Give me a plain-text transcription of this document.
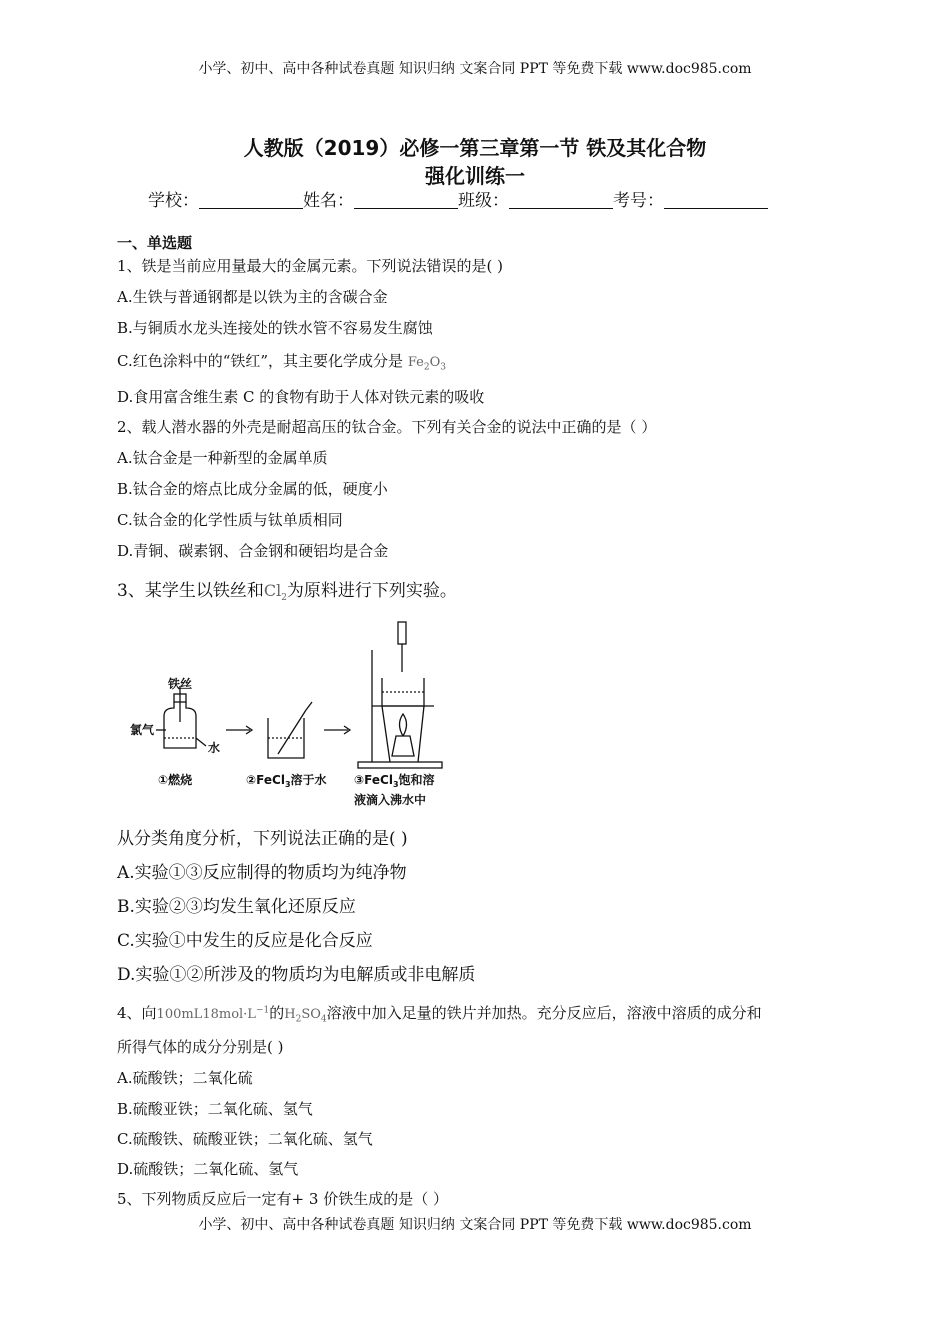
小学、初中、高中各种试卷真题 知识归纳 文案合同 PPT 等免费下载 www.doc985.com
人教版（2019）必修一第三章第一节 铁及其化合物
强化训练一
学校：	姓名：	班级：	考号：
一、单选题
1、铁是当前应用量最大的金属元素。下列说法错误的是( )
A.生铁与普通钢都是以铁为主的含碳合金
B.与铜质水龙头连接处的铁水管不容易发生腐蚀
C.红色涂料中的“铁红”，其主要化学成分是 $Fe_2O_3$
D.食用富含维生素 C 的食物有助于人体对铁元素的吸收
2、载人潜水器的外壳是耐超高压的钛合金。下列有关合金的说法中正确的是（ ）
A.钛合金是一种新型的金属单质
B.钛合金的熔点比成分金属的低，硬度小
C.钛合金的化学性质与钛单质相同
D.青铜、碳素钢、合金钢和硬铝均是合金
3、某学生以铁丝和$Cl_2$为原料进行下列实验。
铁丝
氯气
水
①燃烧	②FeCl$_3$溶于水 ③FeCl$_3$饱和溶
液滴入沸水中
从分类角度分析，下列说法正确的是( )
A.实验①③反应制得的物质均为纯净物
B.实验②③均发生氧化还原反应
C.实验①中发生的反应是化合反应
D.实验①②所涉及的物质均为电解质或非电解质
4、向$100mL18mol\cdot L^{-1}$的$H_2SO_4$溶液中加入足量的铁片并加热。充分反应后，溶液中溶质的成分和
所得气体的成分分别是( )
A.硫酸铁；二氧化硫
B.硫酸亚铁；二氧化硫、氢气
C.硫酸铁、硫酸亚铁；二氧化硫、氢气
D.硫酸铁；二氧化硫、氢气
5、下列物质反应后一定有+ 3 价铁生成的是（ ）
小学、初中、高中各种试卷真题 知识归纳 文案合同 PPT 等免费下载 www.doc985.com
